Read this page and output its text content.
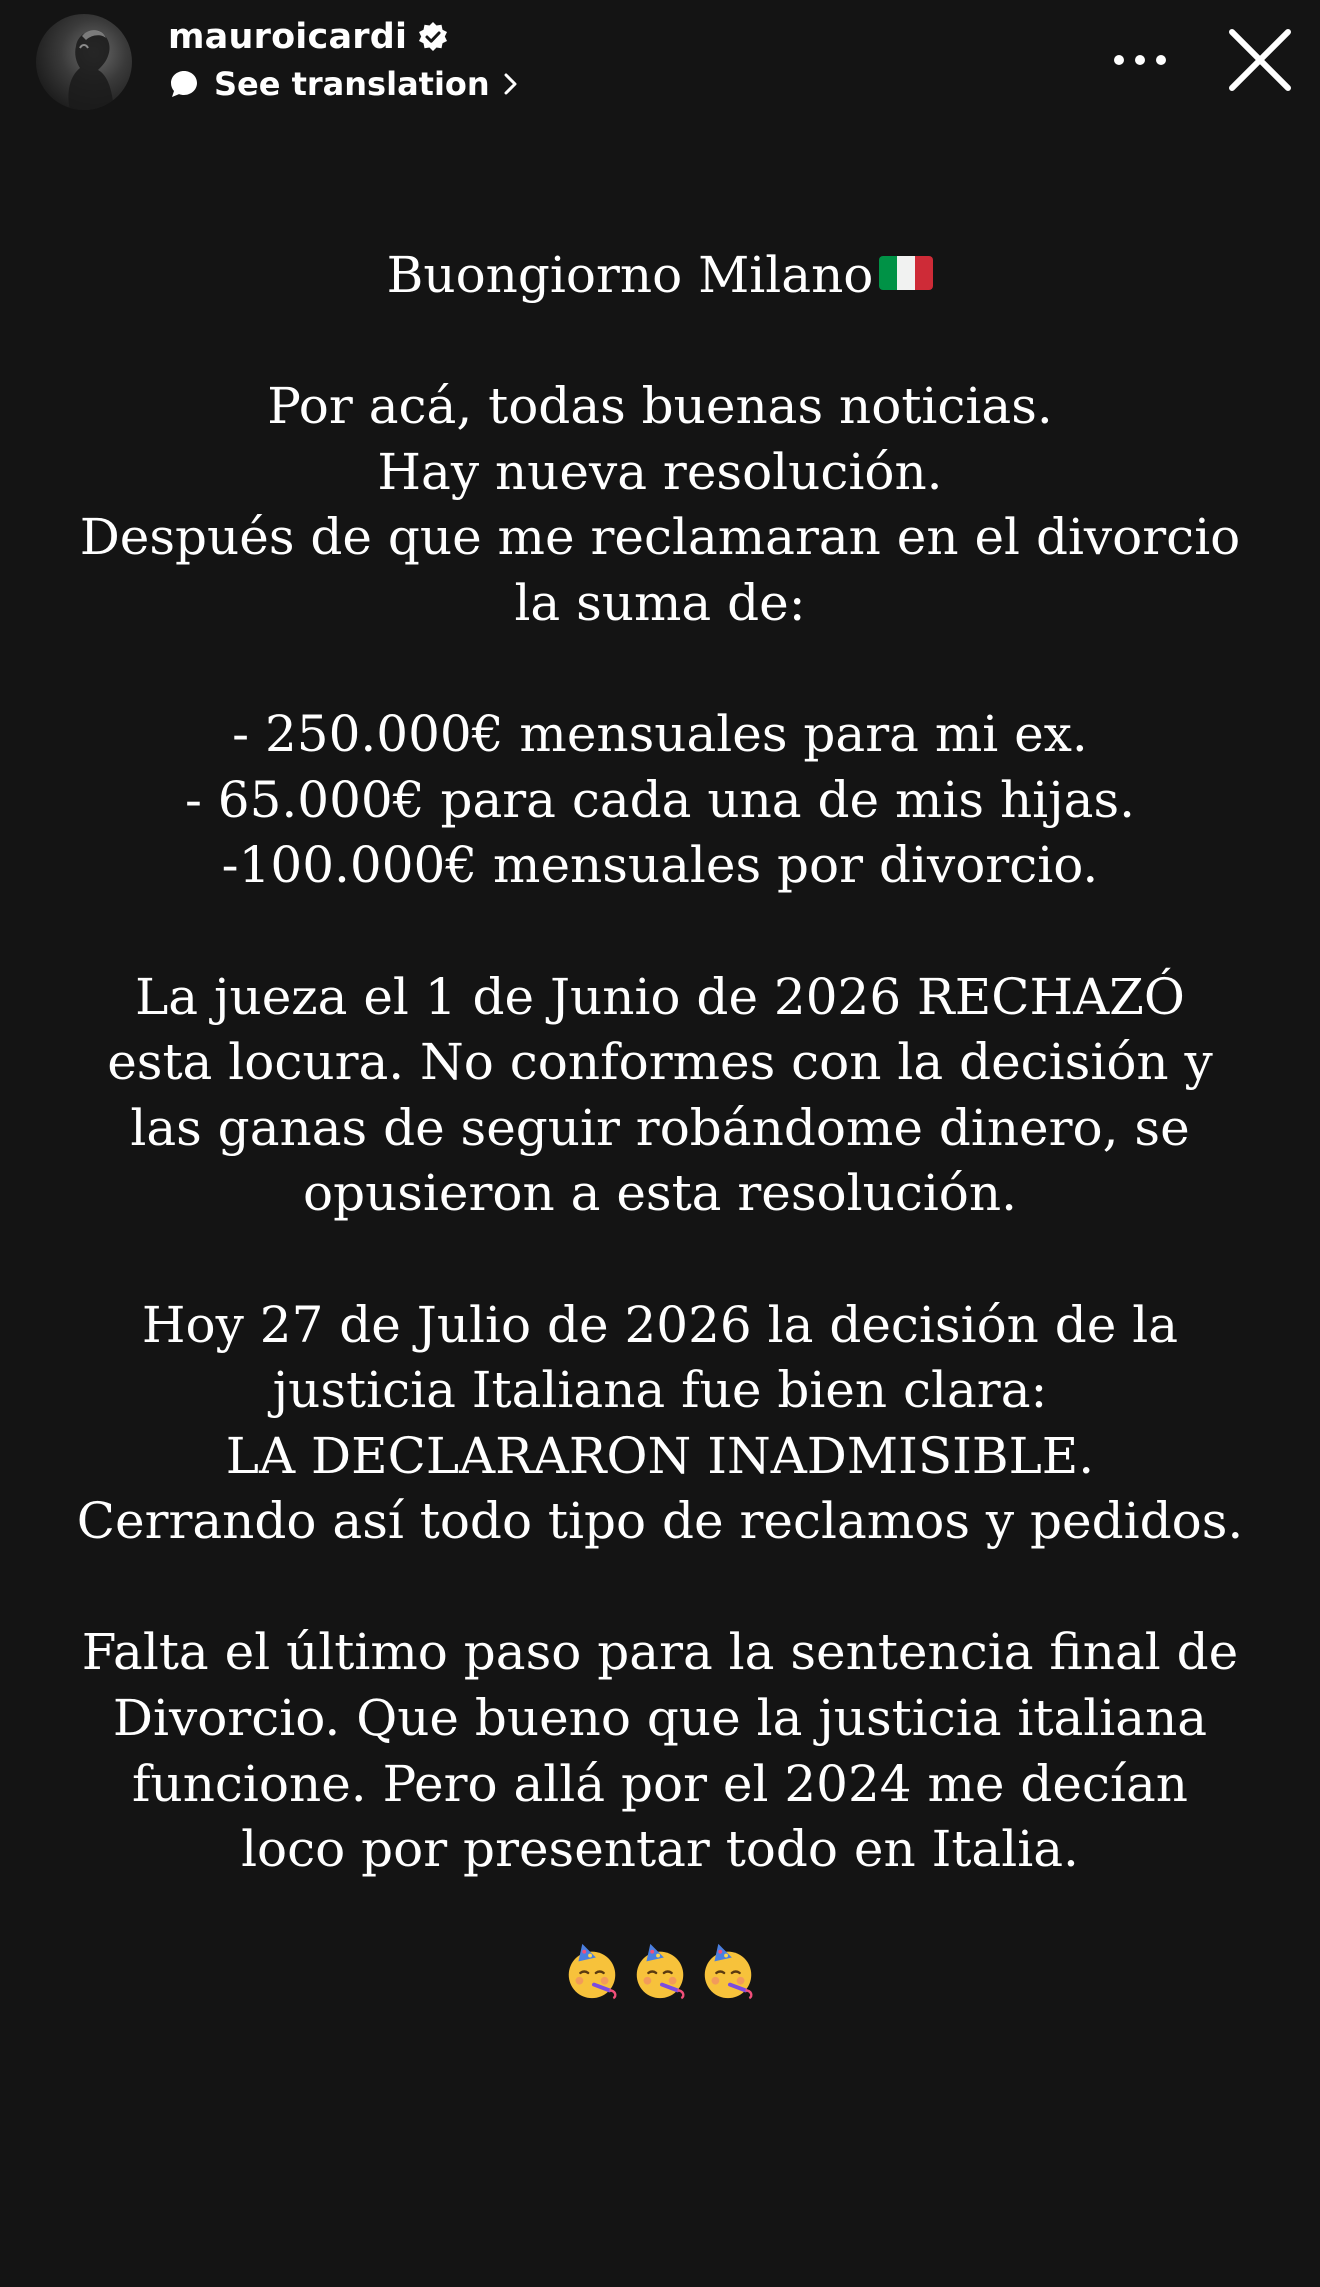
mauroicardi
See translation

Buongiorno Milano

Por acá, todas buenas noticias.
Hay nueva resolución.
Después de que me reclamaran en el divorcio
la suma de:

- 250.000€ mensuales para mi ex.
- 65.000€ para cada una de mis hijas.
-100.000€ mensuales por divorcio.

La jueza el 1 de Junio de 2026 RECHAZÓ
esta locura. No conformes con la decisión y
las ganas de seguir robándome dinero, se
opusieron a esta resolución.

Hoy 27 de Julio de 2026 la decisión de la
justicia Italiana fue bien clara:
LA DECLARARON INADMISIBLE.
Cerrando así todo tipo de reclamos y pedidos.

Falta el último paso para la sentencia final de
Divorcio. Que bueno que la justicia italiana
funcione. Pero allá por el 2024 me decían
loco por presentar todo en Italia.
